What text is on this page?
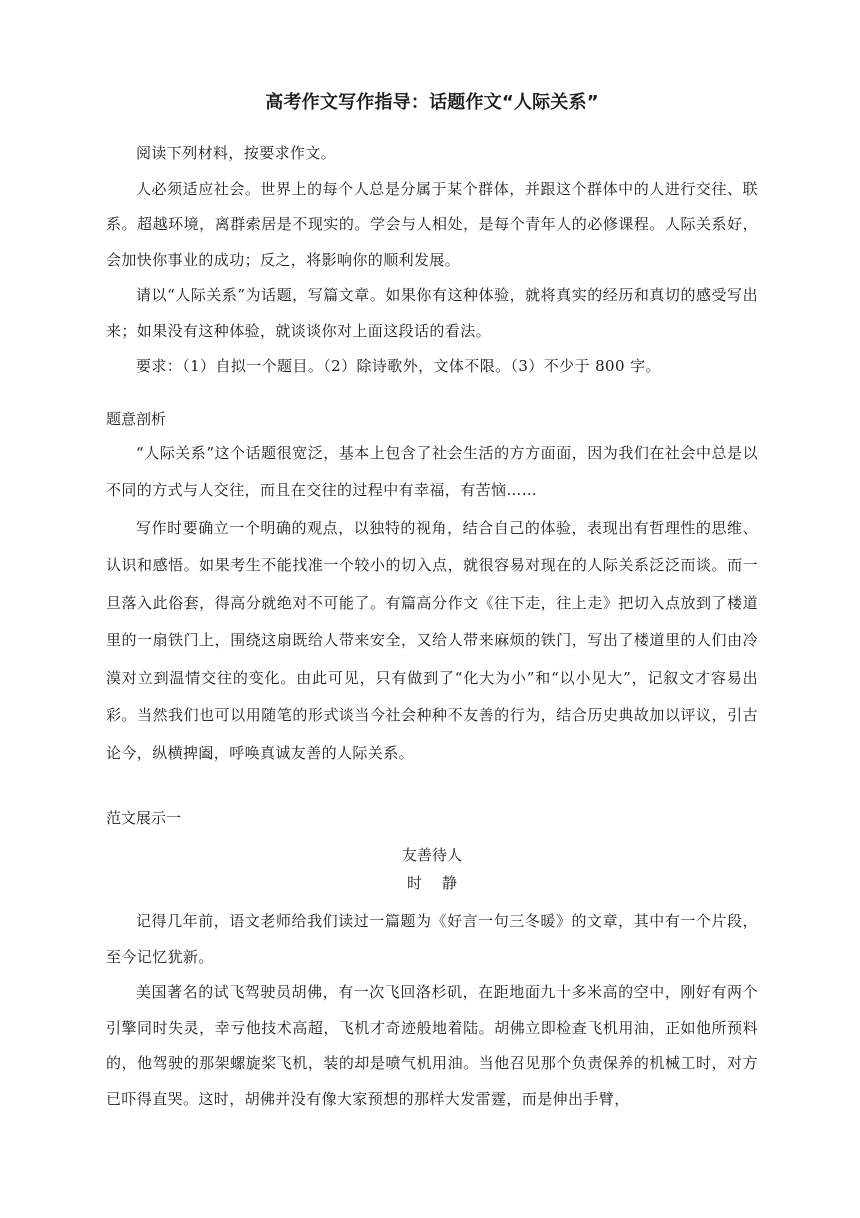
高考作文写作指导：话题作文“人际关系”

阅读下列材料，按要求作文。

人必须适应社会。世界上的每个人总是分属于某个群体，并跟这个群体中的人进行交往、联系。超越环境，离群索居是不现实的。学会与人相处，是每个青年人的必修课程。人际关系好，会加快你事业的成功；反之，将影响你的顺利发展。

请以“人际关系”为话题，写篇文章。如果你有这种体验，就将真实的经历和真切的感受写出来；如果没有这种体验，就谈谈你对上面这段话的看法。

要求：（1）自拟一个题目。（2）除诗歌外，文体不限。（3）不少于 800 字。

题意剖析

“人际关系”这个话题很宽泛，基本上包含了社会生活的方方面面，因为我们在社会中总是以不同的方式与人交往，而且在交往的过程中有幸福，有苦恼……

写作时要确立一个明确的观点，以独特的视角，结合自己的体验，表现出有哲理性的思维、认识和感悟。如果考生不能找准一个较小的切入点，就很容易对现在的人际关系泛泛而谈。而一旦落入此俗套，得高分就绝对不可能了。有篇高分作文《往下走，往上走》把切入点放到了楼道里的一扇铁门上，围绕这扇既给人带来安全，又给人带来麻烦的铁门，写出了楼道里的人们由冷漠对立到温情交往的变化。由此可见，只有做到了“化大为小”和“以小见大”，记叙文才容易出彩。当然我们也可以用随笔的形式谈当今社会种种不友善的行为，结合历史典故加以评议，引古论今，纵横捭阖，呼唤真诚友善的人际关系。

范文展示一
友善待人
时静

记得几年前，语文老师给我们读过一篇题为《好言一句三冬暖》的文章，其中有一个片段，至今记忆犹新。

美国著名的试飞驾驶员胡佛，有一次飞回洛杉矶，在距地面九十多米高的空中，刚好有两个引擎同时失灵，幸亏他技术高超，飞机才奇迹般地着陆。胡佛立即检查飞机用油，正如他所预料的，他驾驶的那架螺旋桨飞机，装的却是喷气机用油。当他召见那个负责保养的机械工时，对方已吓得直哭。这时，胡佛并没有像大家预想的那样大发雷霆，而是伸出手臂，
